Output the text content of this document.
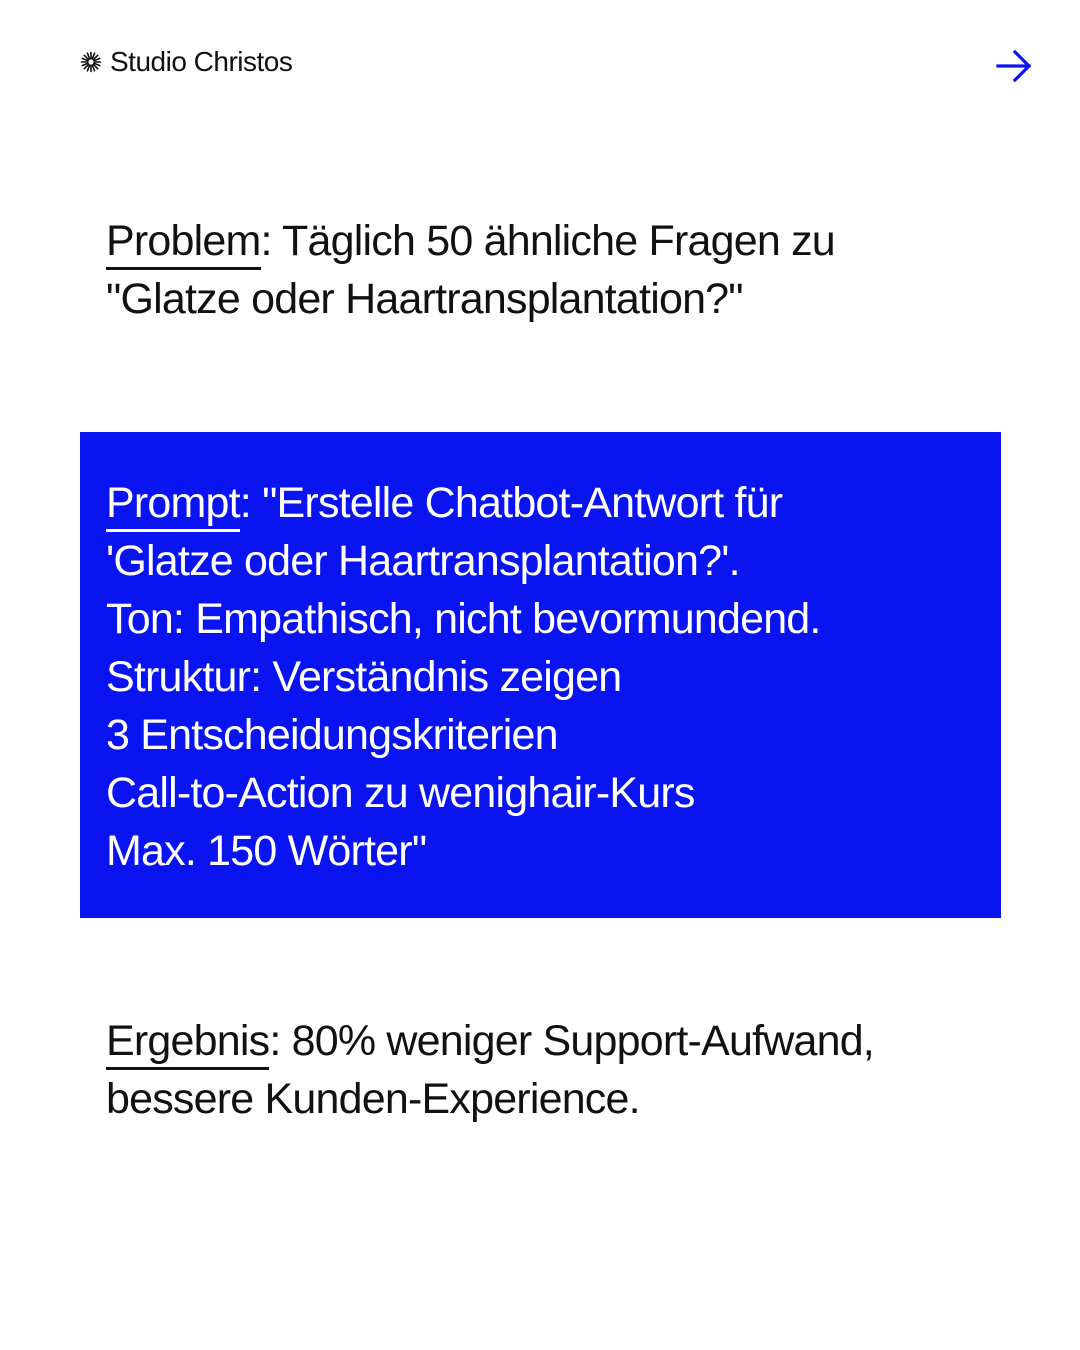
Studio Christos
Problem: Täglich 50 ähnliche Fragen zu
"Glatze oder Haartransplantation?"
Prompt: "Erstelle Chatbot-Antwort für
'Glatze oder Haartransplantation?'.
Ton: Empathisch, nicht bevormundend.
Struktur: Verständnis zeigen
3 Entscheidungskriterien
Call-to-Action zu wenighair-Kurs
Max. 150 Wörter"
Ergebnis: 80% weniger Support-Aufwand,
bessere Kunden-Experience.
